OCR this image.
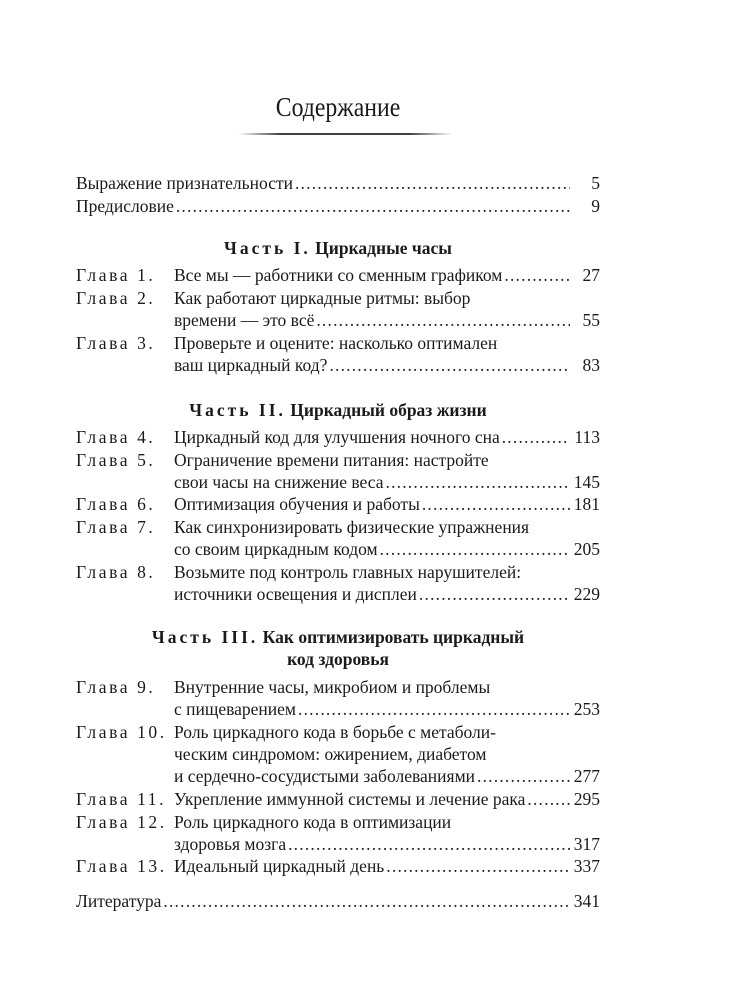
Содержание
Выражение признательности .....	5
Предисловие .....	9
Часть I. Циркадные часы
Глава 1.	Все мы — работники со сменным графиком .....	27
Глава 2.	Как работают циркадные ритмы: выбор
времени — это всё .....	55
Глава 3.	Проверьте и оцените: насколько оптимален
ваш циркадный код? .....	83
Часть II. Циркадный образ жизни
Глава 4.	Циркадный код для улучшения ночного сна .....	113
Глава 5.	Ограничение времени питания: настройте
свои часы на снижение веса .....	145
Глава 6.	Оптимизация обучения и работы .....	181
Глава 7.	Как синхронизировать физические упражнения
со своим циркадным кодом .....	205
Глава 8.	Возьмите под контроль главных нарушителей:
источники освещения и дисплеи .....	229
Часть III. Как оптимизировать циркадный
код здоровья
Глава 9.	Внутренние часы, микробиом и проблемы
с пищеварением .....	253
Глава 10. Роль циркадного кода в борьбе с метаболи-
ческим синдромом: ожирением, диабетом
и сердечно-сосудистыми заболеваниями .....	277
Глава 11. Укрепление иммунной системы и лечение рака .....	295
Глава 12. Роль циркадного кода в оптимизации
здоровья мозга .....	317
Глава 13. Идеальный циркадный день .....	337
Литература .....	341
